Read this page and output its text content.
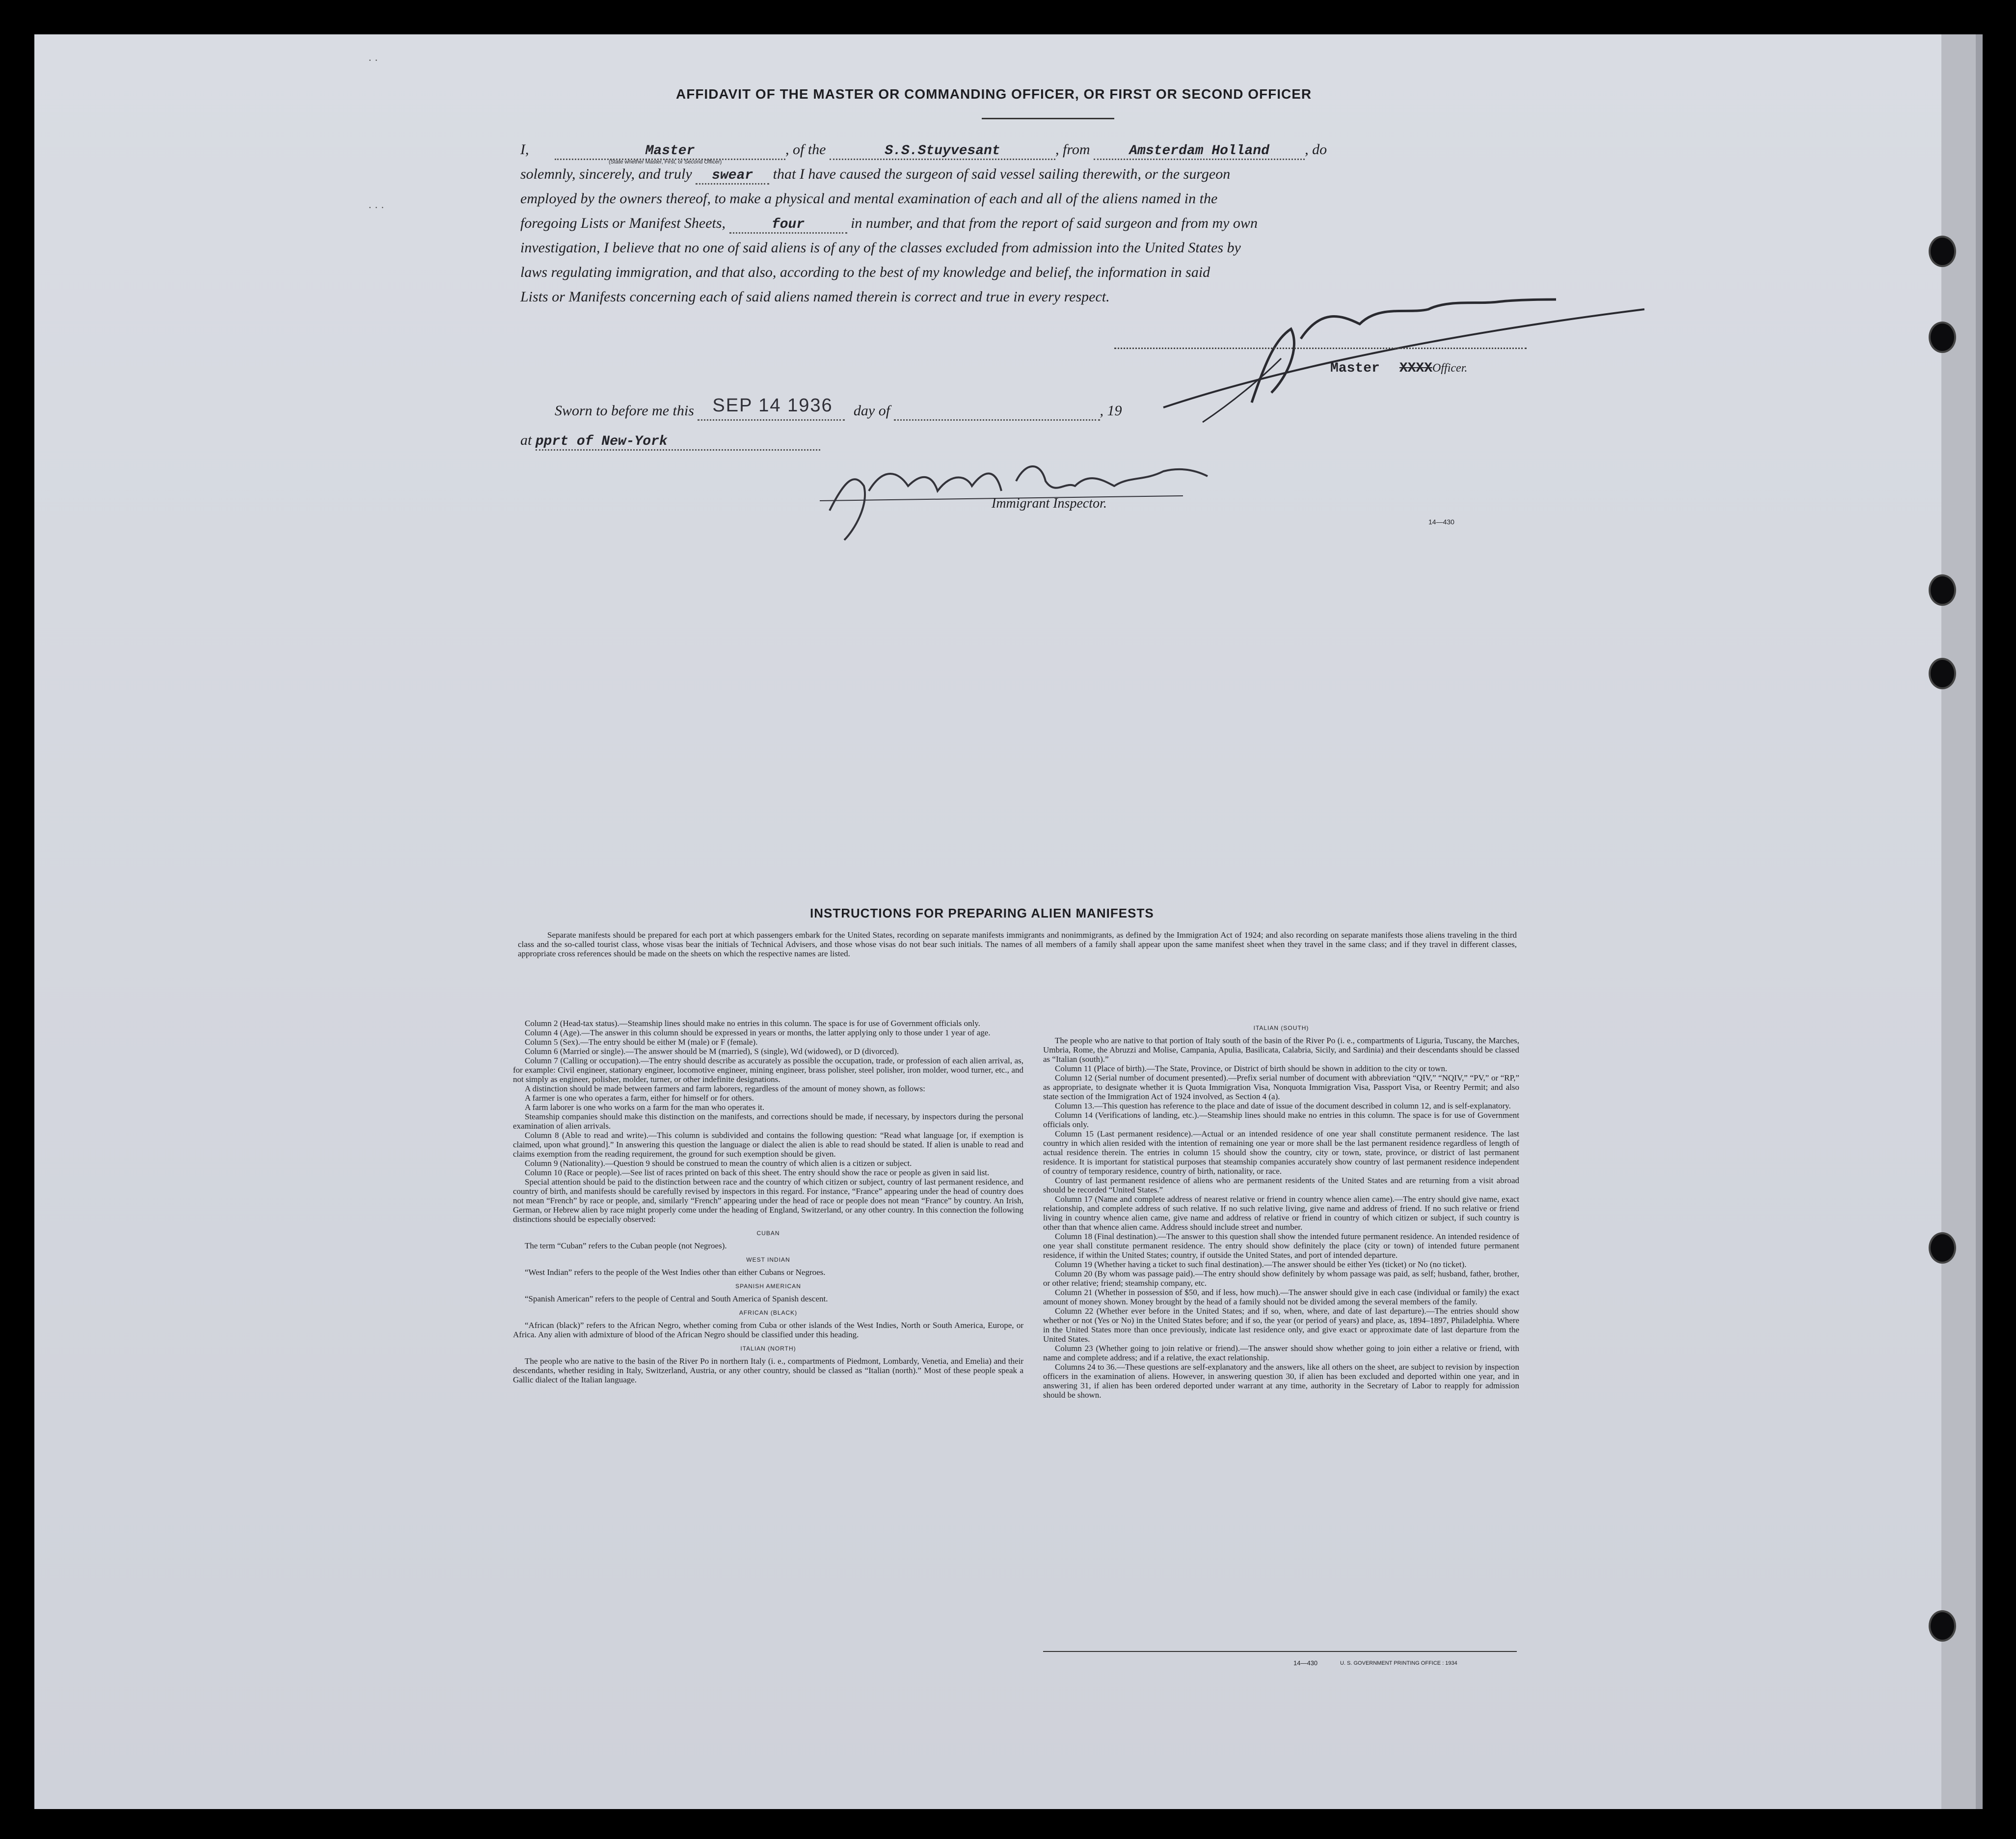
· ·
· · ·
AFFIDAVIT OF THE MASTER OR COMMANDING OFFICER, OR FIRST OR SECOND OFFICER
I,	Master
(State whether Master, First, or Second Officer)
, of the	S.S.Stuyvesant	, from	Amsterdam Holland , do
solemnly, sincerely, and truly swear that I have caused the surgeon of said vessel sailing therewith, or the surgeon
employed by the owners thereof, to make a physical and mental examination of each and all of the aliens named in the
foregoing Lists or Manifest Sheets,	four	in number, and that from the report of said surgeon and from my own
investigation, I believe that no one of said aliens is of any of the classes excluded from admission into the United States by
laws regulating immigration, and that also, according to the best of my knowledge and belief, the information in said
Lists or Manifests concerning each of said aliens named therein is correct and true in every respect.
Master XXXXOfficer.
Sworn to before me this SEP 14 1936 day of	, 19
at pprt of New-York
Immigrant Inspector.
14—430
INSTRUCTIONS FOR PREPARING ALIEN MANIFESTS
Separate manifests should be prepared for each port at which passengers embark for the United States, recording on separate manifests immigrants and nonimmigrants, as defined by the Immigration Act of 1924; and also recording on separate manifests those aliens traveling in the third class and the so-called tourist class, whose visas bear the initials of Technical Advisers, and those whose visas do not bear such initials. The names of all members of a family shall appear upon the same manifest sheet when they travel in the same class; and if they travel in different classes, appropriate cross references should be made on the sheets on which the respective names are listed.

Column 2 (Head-tax status).—Steamship lines should make no entries in this column. The space is for use of Government officials only.

Column 4 (Age).—The answer in this column should be expressed in years or months, the latter applying only to those under 1 year of age.

Column 5 (Sex).—The entry should be either M (male) or F (female).

Column 6 (Married or single).—The answer should be M (married), S (single), Wd (widowed), or D (divorced).

Column 7 (Calling or occupation).—The entry should describe as accurately as possible the occupation, trade, or profession of each alien arrival, as, for example: Civil engineer, stationary engineer, locomotive engineer, mining engineer, brass polisher, steel polisher, iron molder, wood turner, etc., and not simply as engineer, polisher, molder, turner, or other indefinite designations.

A distinction should be made between farmers and farm laborers, regardless of the amount of money shown, as follows:

A farmer is one who operates a farm, either for himself or for others.

A farm laborer is one who works on a farm for the man who operates it.

Steamship companies should make this distinction on the manifests, and corrections should be made, if necessary, by inspectors during the personal examination of alien arrivals.

Column 8 (Able to read and write).—This column is subdivided and contains the following question: “Read what language [or, if exemption is claimed, upon what ground].” In answering this question the language or dialect the alien is able to read should be stated. If alien is unable to read and claims exemption from the reading requirement, the ground for such exemption should be given.

Column 9 (Nationality).—Question 9 should be construed to mean the country of which alien is a citizen or subject.

Column 10 (Race or people).—See list of races printed on back of this sheet. The entry should show the race or people as given in said list.

Special attention should be paid to the distinction between race and the country of which citizen or subject, country of last permanent residence, and country of birth, and manifests should be carefully revised by inspectors in this regard. For instance, “France” appearing under the head of country does not mean “French” by race or people, and, similarly “French” appearing under the head of race or people does not mean “France” by country. An Irish, German, or Hebrew alien by race might properly come under the heading of England, Switzerland, or any other country. In this connection the following distinctions should be especially observed:

CUBAN

The term “Cuban” refers to the Cuban people (not Negroes).

WEST INDIAN

“West Indian” refers to the people of the West Indies other than either Cubans or Negroes.

SPANISH AMERICAN

“Spanish American” refers to the people of Central and South America of Spanish descent.

AFRICAN (BLACK)

“African (black)” refers to the African Negro, whether coming from Cuba or other islands of the West Indies, North or South America, Europe, or Africa. Any alien with admixture of blood of the African Negro should be classified under this heading.

ITALIAN (NORTH)

The people who are native to the basin of the River Po in northern Italy (i. e., compartments of Piedmont, Lombardy, Venetia, and Emelia) and their descendants, whether residing in Italy, Switzerland, Austria, or any other country, should be classed as “Italian (north).” Most of these people speak a Gallic dialect of the Italian language.

ITALIAN (SOUTH)

The people who are native to that portion of Italy south of the basin of the River Po (i. e., compartments of Liguria, Tuscany, the Marches, Umbria, Rome, the Abruzzi and Molise, Campania, Apulia, Basilicata, Calabria, Sicily, and Sardinia) and their descendants should be classed as “Italian (south).”

Column 11 (Place of birth).—The State, Province, or District of birth should be shown in addition to the city or town.

Column 12 (Serial number of document presented).—Prefix serial number of document with abbreviation “QIV,” “NQIV,” “PV,” or “RP,” as appropriate, to designate whether it is Quota Immigration Visa, Nonquota Immigration Visa, Passport Visa, or Reentry Permit; and also state section of the Immigration Act of 1924 involved, as Section 4 (a).

Column 13.—This question has reference to the place and date of issue of the document described in column 12, and is self-explanatory.

Column 14 (Verifications of landing, etc.).—Steamship lines should make no entries in this column. The space is for use of Government officials only.

Column 15 (Last permanent residence).—Actual or an intended residence of one year shall constitute permanent residence. The last country in which alien resided with the intention of remaining one year or more shall be the last permanent residence regardless of length of actual residence therein. The entries in column 15 should show the country, city or town, state, province, or district of last permanent residence. It is important for statistical purposes that steamship companies accurately show country of last permanent residence independent of country of temporary residence, country of birth, nationality, or race.

Country of last permanent residence of aliens who are permanent residents of the United States and are returning from a visit abroad should be recorded “United States.”

Column 17 (Name and complete address of nearest relative or friend in country whence alien came).—The entry should give name, exact relationship, and complete address of such relative. If no such relative living, give name and address of friend. If no such relative or friend living in country whence alien came, give name and address of relative or friend in country of which citizen or subject, if such country is other than that whence alien came. Address should include street and number.

Column 18 (Final destination).—The answer to this question shall show the intended future permanent residence. An intended residence of one year shall constitute permanent residence. The entry should show definitely the place (city or town) of intended future permanent residence, if within the United States; country, if outside the United States, and port of intended departure.

Column 19 (Whether having a ticket to such final destination).—The answer should be either Yes (ticket) or No (no ticket).

Column 20 (By whom was passage paid).—The entry should show definitely by whom passage was paid, as self; husband, father, brother, or other relative; friend; steamship company, etc.

Column 21 (Whether in possession of $50, and if less, how much).—The answer should give in each case (individual or family) the exact amount of money shown. Money brought by the head of a family should not be divided among the several members of the family.

Column 22 (Whether ever before in the United States; and if so, when, where, and date of last departure).—The entries should show whether or not (Yes or No) in the United States before; and if so, the year (or period of years) and place, as, 1894–1897, Philadelphia. Where in the United States more than once previously, indicate last residence only, and give exact or approximate date of last departure from the United States.

Column 23 (Whether going to join relative or friend).—The answer should show whether going to join either a relative or friend, with name and complete address; and if a relative, the exact relationship.

Columns 24 to 36.—These questions are self-explanatory and the answers, like all others on the sheet, are subject to revision by inspection officers in the examination of aliens. However, in answering question 30, if alien has been excluded and deported within one year, and in answering 31, if alien has been ordered deported under warrant at any time, authority in the Secretary of Labor to reapply for admission should be shown.

14—430	U. S. GOVERNMENT PRINTING OFFICE : 1934
